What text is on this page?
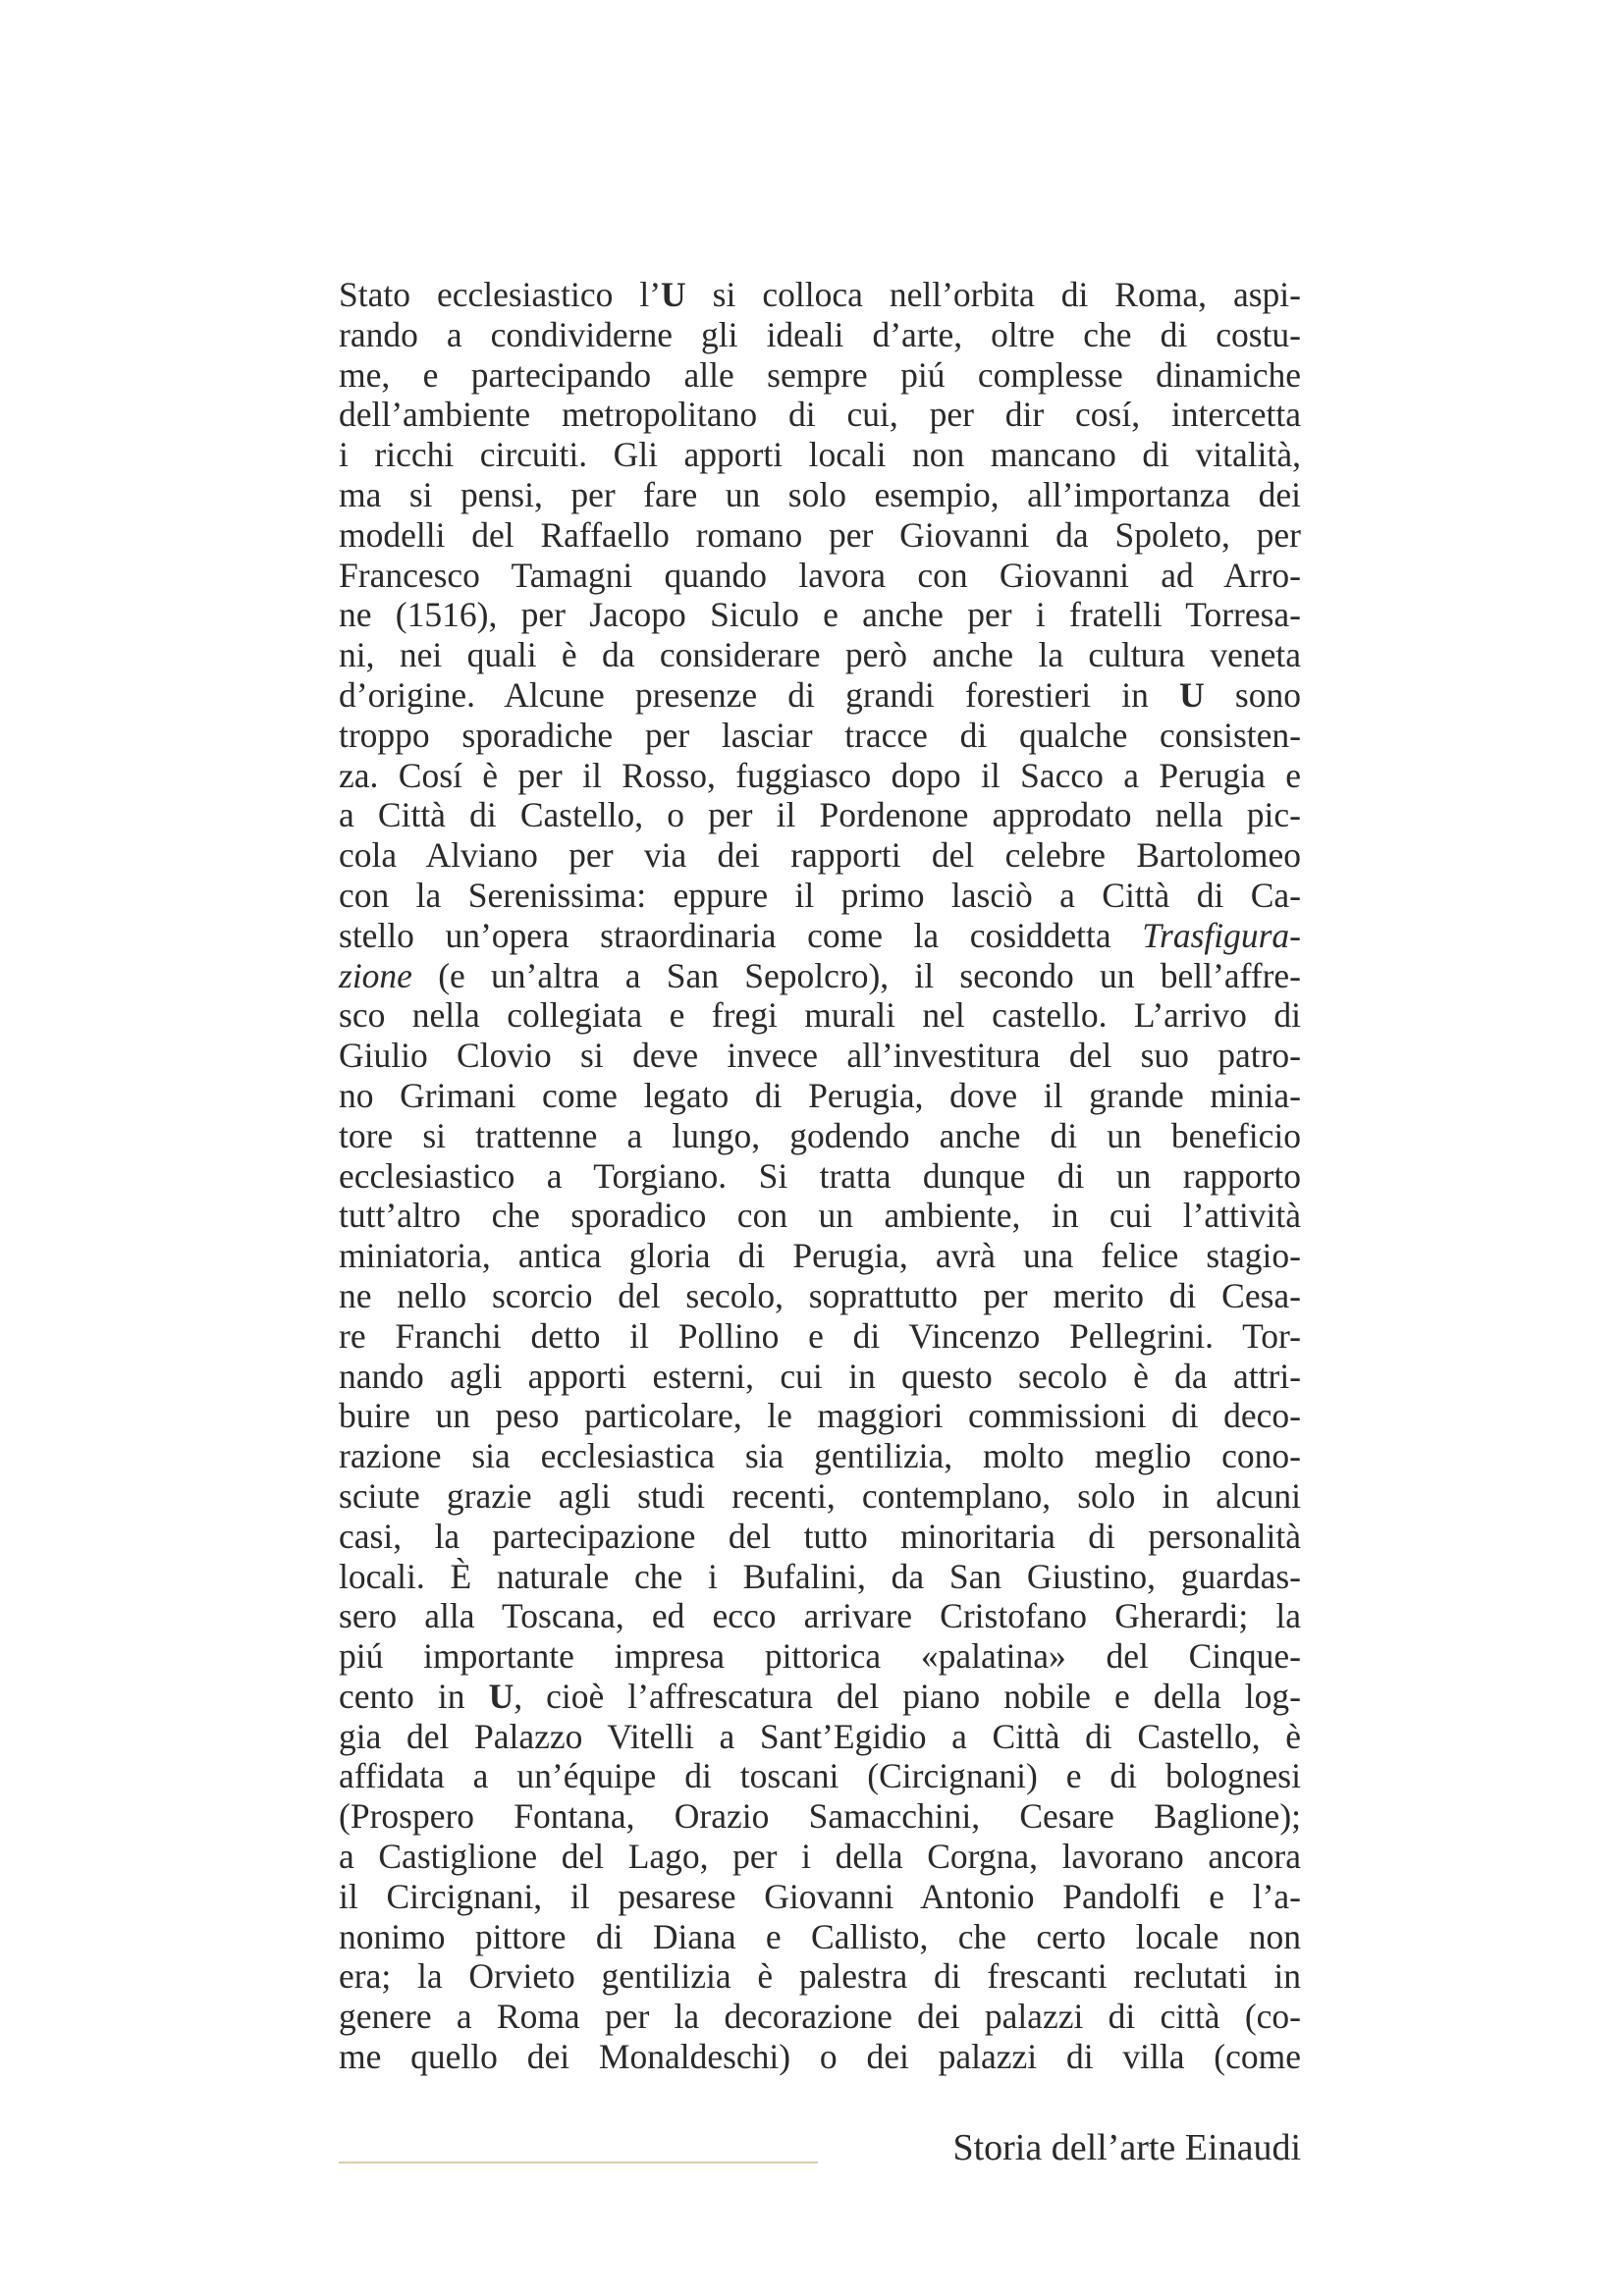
Stato ecclesiastico l’U si colloca nell’orbita di Roma, aspi-
rando a condividerne gli ideali d’arte, oltre che di costu-
me, e partecipando alle sempre piú complesse dinamiche
dell’ambiente metropolitano di cui, per dir cosí, intercetta
i ricchi circuiti. Gli apporti locali non mancano di vitalità,
ma si pensi, per fare un solo esempio, all’importanza dei
modelli del Raffaello romano per Giovanni da Spoleto, per
Francesco Tamagni quando lavora con Giovanni ad Arro-
ne (1516), per Jacopo Siculo e anche per i fratelli Torresa-
ni, nei quali è da considerare però anche la cultura veneta
d’origine. Alcune presenze di grandi forestieri in U sono
troppo sporadiche per lasciar tracce di qualche consisten-
za. Cosí è per il Rosso, fuggiasco dopo il Sacco a Perugia e
a Città di Castello, o per il Pordenone approdato nella pic-
cola Alviano per via dei rapporti del celebre Bartolomeo
con la Serenissima: eppure il primo lasciò a Città di Ca-
stello un’opera straordinaria come la cosiddetta Trasfigura-
zione (e un’altra a San Sepolcro), il secondo un bell’affre-
sco nella collegiata e fregi murali nel castello. L’arrivo di
Giulio Clovio si deve invece all’investitura del suo patro-
no Grimani come legato di Perugia, dove il grande minia-
tore si trattenne a lungo, godendo anche di un beneficio
ecclesiastico a Torgiano. Si tratta dunque di un rapporto
tutt’altro che sporadico con un ambiente, in cui l’attività
miniatoria, antica gloria di Perugia, avrà una felice stagio-
ne nello scorcio del secolo, soprattutto per merito di Cesa-
re Franchi detto il Pollino e di Vincenzo Pellegrini. Tor-
nando agli apporti esterni, cui in questo secolo è da attri-
buire un peso particolare, le maggiori commissioni di deco-
razione sia ecclesiastica sia gentilizia, molto meglio cono-
sciute grazie agli studi recenti, contemplano, solo in alcuni
casi, la partecipazione del tutto minoritaria di personalità
locali. È naturale che i Bufalini, da San Giustino, guardas-
sero alla Toscana, ed ecco arrivare Cristofano Gherardi; la
piú importante impresa pittorica «palatina» del Cinque-
cento in U, cioè l’affrescatura del piano nobile e della log-
gia del Palazzo Vitelli a Sant’Egidio a Città di Castello, è
affidata a un’équipe di toscani (Circignani) e di bolognesi
(Prospero Fontana, Orazio Samacchini, Cesare Baglione);
a Castiglione del Lago, per i della Corgna, lavorano ancora
il Circignani, il pesarese Giovanni Antonio Pandolfi e l’a-
nonimo pittore di Diana e Callisto, che certo locale non
era; la Orvieto gentilizia è palestra di frescanti reclutati in
genere a Roma per la decorazione dei palazzi di città (co-
me quello dei Monaldeschi) o dei palazzi di villa (come
Storia dell’arte Einaudi
